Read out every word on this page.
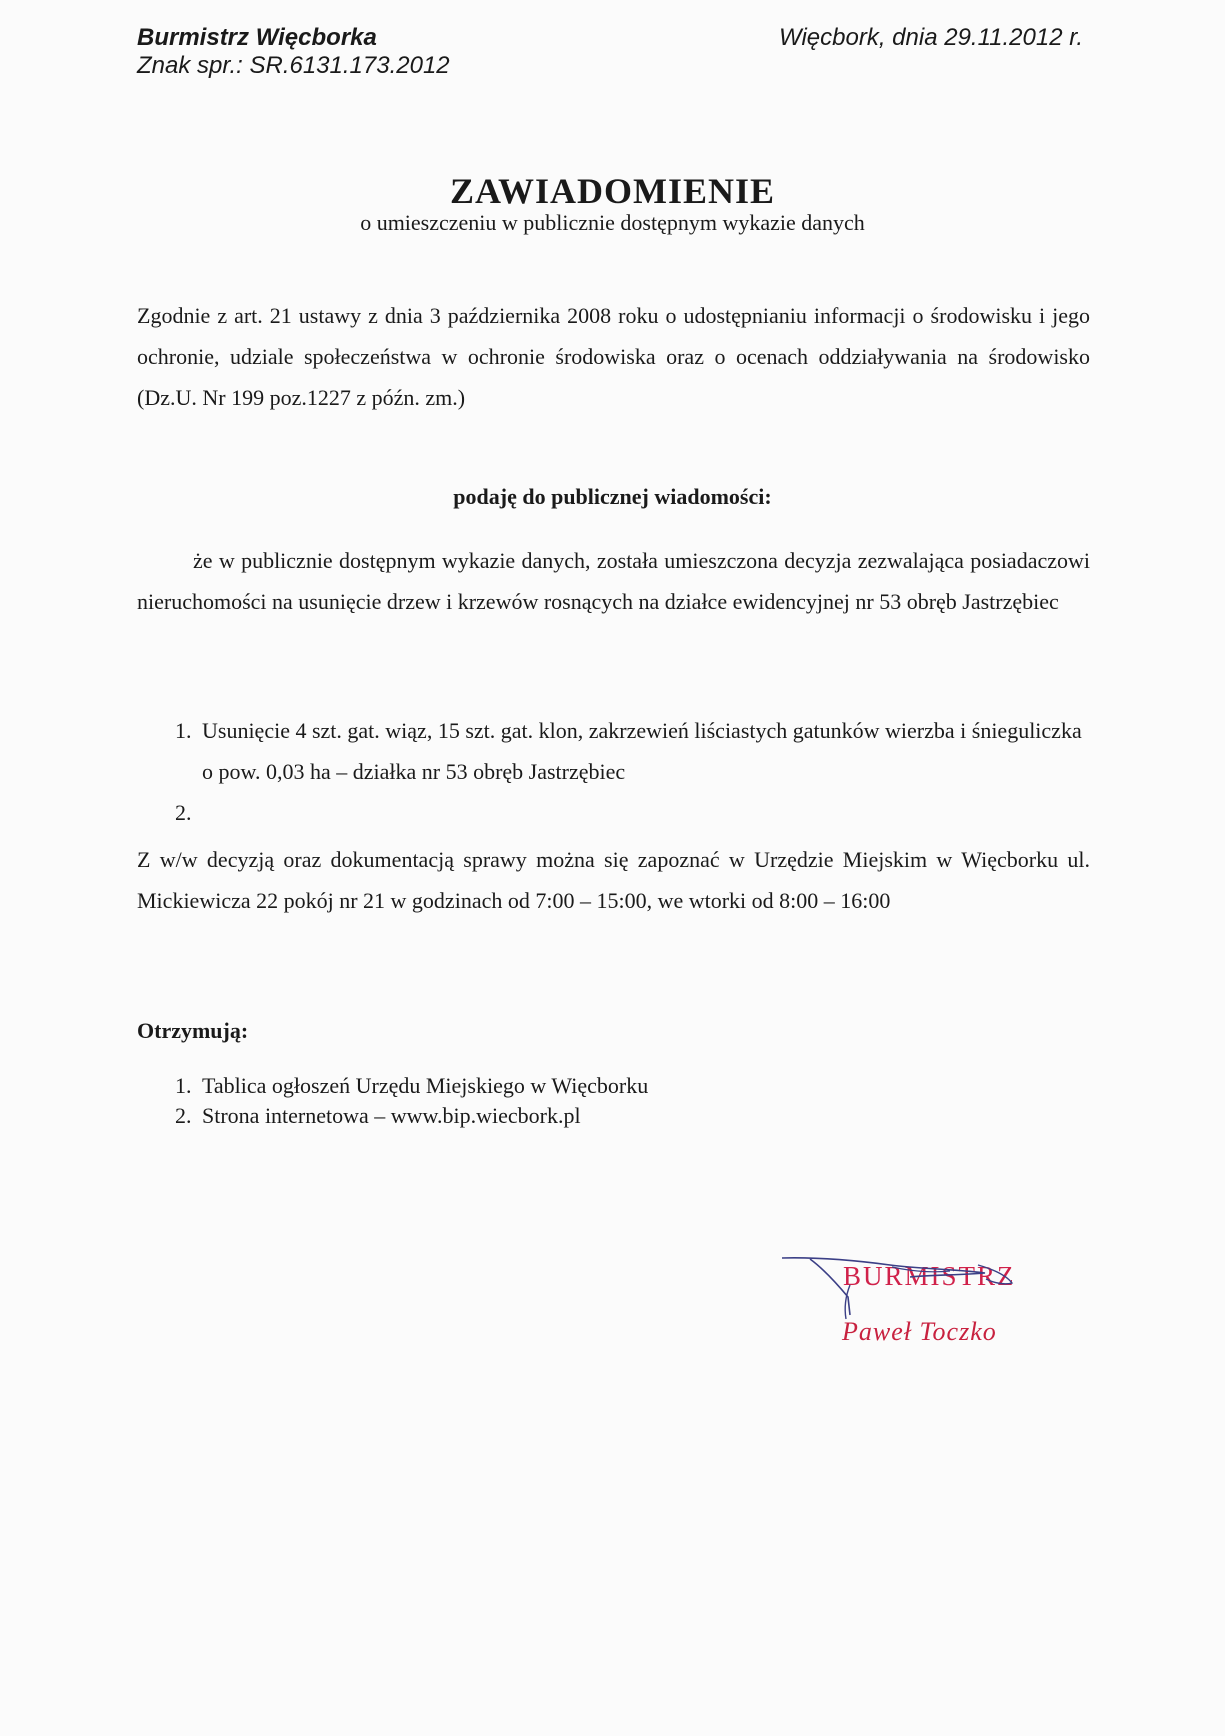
Burmistrz Więcborka
Znak spr.: SR.6131.173.2012
Więcbork, dnia 29.11.2012 r.
ZAWIADOMIENIE
o umieszczeniu w publicznie dostępnym wykazie danych
Zgodnie z art. 21 ustawy z dnia 3 października 2008 roku o udostępnianiu informacji o środowisku i jego ochronie, udziale społeczeństwa w ochronie środowiska oraz o ocenach oddziaływania na środowisko (Dz.U. Nr 199 poz.1227 z późn. zm.)
podaję do publicznej wiadomości:
że w publicznie dostępnym wykazie danych, została umieszczona decyzja zezwalająca posiadaczowi nieruchomości na usunięcie drzew i krzewów rosnących na działce ewidencyjnej nr 53 obręb Jastrzębiec
1. Usunięcie 4 szt. gat. wiąz, 15 szt. gat. klon, zakrzewień liściastych gatunków wierzba i śnieguliczka o pow. 0,03 ha – działka nr 53 obręb Jastrzębiec
2.
Z w/w decyzją oraz dokumentacją sprawy można się zapoznać w Urzędzie Miejskim w Więcborku ul. Mickiewicza 22 pokój nr 21 w godzinach od 7:00 – 15:00, we wtorki od 8:00 – 16:00
Otrzymują:
1. Tablica ogłoszeń Urzędu Miejskiego w Więcborku
2. Strona internetowa – www.bip.wiecbork.pl
BURMISTRZ
Paweł Toczko
